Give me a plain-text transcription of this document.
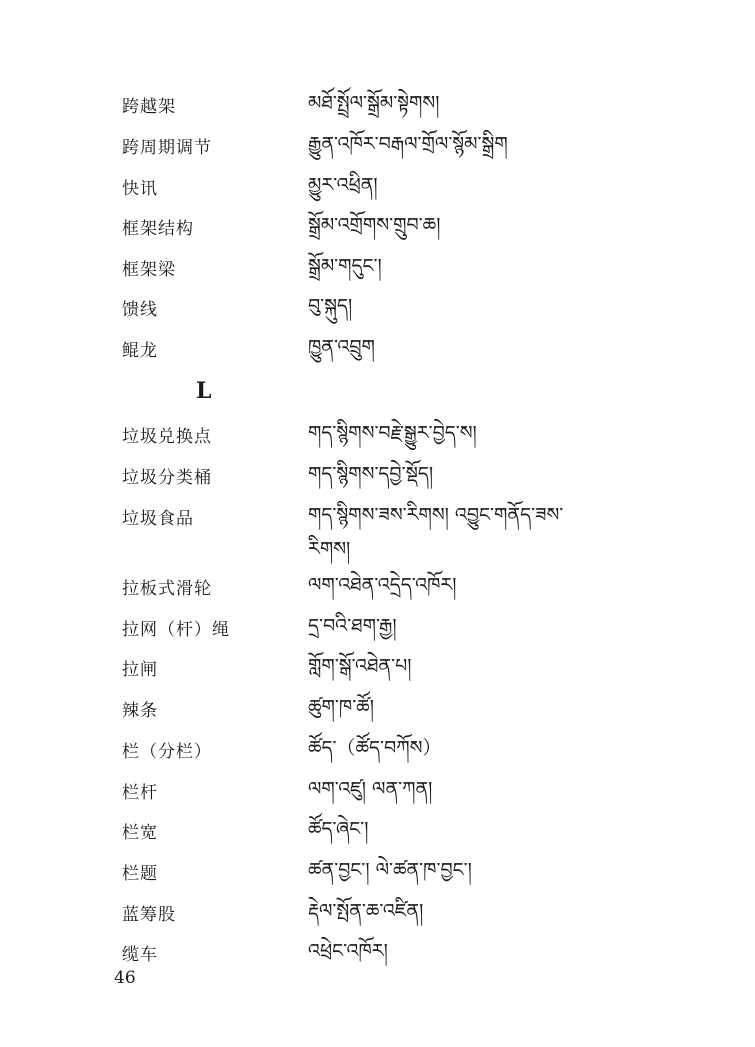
跨越架	མཐོ་སྤྲོལ་སྒྲོམ་སྟེགས།
跨周期调节	རྒྱུན་འཁོར་བརྒལ་གྲོལ་སྙོམ་སྒྲིག
快讯	མྱུར་འཕྲིན།
框架结构	སྒྲོམ་འགྲོགས་གྲུབ་ཆ།
框架梁	སྒྲོམ་གདུང་།
馈线	བུ་སྐུད།
鲲龙	ཁྱུན་འབྲུག
L
垃圾兑换点	གད་སྙིགས་བརྗེ་སྒྱུར་བྱེད་ས།
垃圾分类桶	གད་སྙིགས་དབྱེ་སྡོད།
垃圾食品	གད་སྙིགས་ཟས་རིགས། འབྱུང་གནོད་ཟས་
རིགས།
拉板式滑轮	ལག་འཐེན་འདྲེད་འཁོར།
拉网（杆）绳	དྲ་བའི་ཐག་རྒྱ།
拉闸	གློག་སྒོ་འཐེན་པ།
辣条	ཚུག་ཁ་ཚོ།
栏（分栏）	ཚོད་（ཚོད་བཀོས）
栏杆	ལག་འཛུ། ལན་ཀན།
栏宽	ཚོད་ཞེང་།
栏题	ཚན་བྱང་། ལེ་ཚན་ཁ་བྱང་།
蓝筹股	རྡེལ་སྤོན་ཆ་འཛིན།
缆车	འཕྲེང་འཁོར།
46
